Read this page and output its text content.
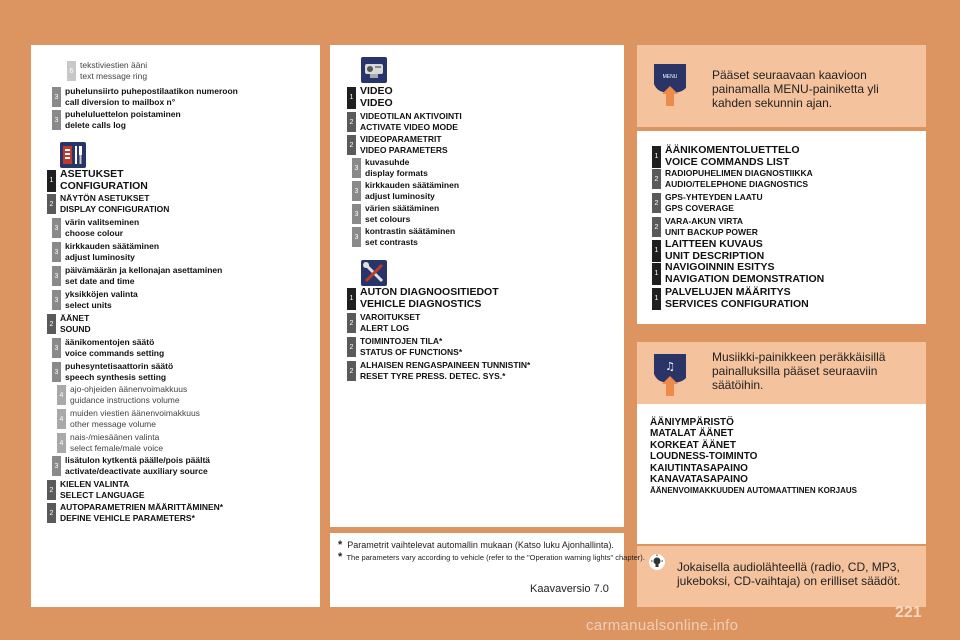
MENU
♫
6
tekstiviestien ääni
text message ring
3
puhelunsiirto puhepostilaatikon numeroon
call diversion to mailbox n°
3
puheluluettelon poistaminen
delete calls log
1
ASETUKSET
CONFIGURATION
2
NÄYTÖN ASETUKSET
DISPLAY CONFIGURATION
3
värin valitseminen
choose colour
3
kirkkauden säätäminen
adjust luminosity
3
päivämäärän ja kellonajan asettaminen
set date and time
3
yksikköjen valinta
select units
2
ÄÄNET
SOUND
3
äänikomentojen säätö
voice commands setting
3
puhesyntetisaattorin säätö
speech synthesis setting
4
ajo-ohjeiden äänenvoimakkuus
guidance instructions volume
4
muiden viestien äänenvoimakkuus
other message volume
4
nais-/miesäänen valinta
select female/male voice
3
lisätulon kytkentä päälle/pois päältä
activate/deactivate auxiliary source
2
KIELEN VALINTA
SELECT LANGUAGE
2
AUTOPARAMETRIEN MÄÄRITTÄMINEN*
DEFINE VEHICLE PARAMETERS*
1
VIDEO
VIDEO
2
VIDEOTILAN AKTIVOINTI
ACTIVATE VIDEO MODE
2
VIDEOPARAMETRIT
VIDEO PARAMETERS
3
kuvasuhde
display formats
3
kirkkauden säätäminen
adjust luminosity
3
värien säätäminen
set colours
3
kontrastin säätäminen
set contrasts
1
AUTON DIAGNOOSITIEDOT
VEHICLE DIAGNOSTICS
2
VAROITUKSET
ALERT LOG
2
TOIMINTOJEN TILA*
STATUS OF FUNCTIONS*
2
ALHAISEN RENGASPAINEEN TUNNISTIN*
RESET TYRE PRESS. DETEC. SYS.*
1
ÄÄNIKOMENTOLUETTELO
VOICE COMMANDS LIST
2
RADIOPUHELIMEN DIAGNOSTIIKKA
AUDIO/TELEPHONE DIAGNOSTICS
2
GPS-YHTEYDEN LAATU
GPS COVERAGE
2
VARA-AKUN VIRTA
UNIT BACKUP POWER
1
LAITTEEN KUVAUS
UNIT DESCRIPTION
1
NAVIGOINNIN ESITYS
NAVIGATION DEMONSTRATION
1
PALVELUJEN MÄÄRITYS
SERVICES CONFIGURATION
* Parametrit vaihtelevat automallin mukaan (Katso luku Ajonhallinta).
* The parameters vary according to vehicle (refer to the "Operation warning lights" chapter).
Kaavaversio 7.0
Pääset seuraavaan kaavioon painamalla MENU-painiketta yli kahden sekunnin ajan.
Musiikki-painikkeen peräkkäisillä painalluksilla pääset seuraaviin säätöihin.
ÄÄNIYMPÄRISTÖ
MATALAT ÄÄNET
KORKEAT ÄÄNET
LOUDNESS-TOIMINTO
KAIUTINTASAPAINO
KANAVATASAPAINO
ÄÄNENVOIMAKKUUDEN AUTOMAATTINEN KORJAUS
Jokaisella audiolähteellä (radio, CD, MP3, jukeboksi, CD-vaihtaja) on erilliset säädöt.
221
carmanualsonline.info
